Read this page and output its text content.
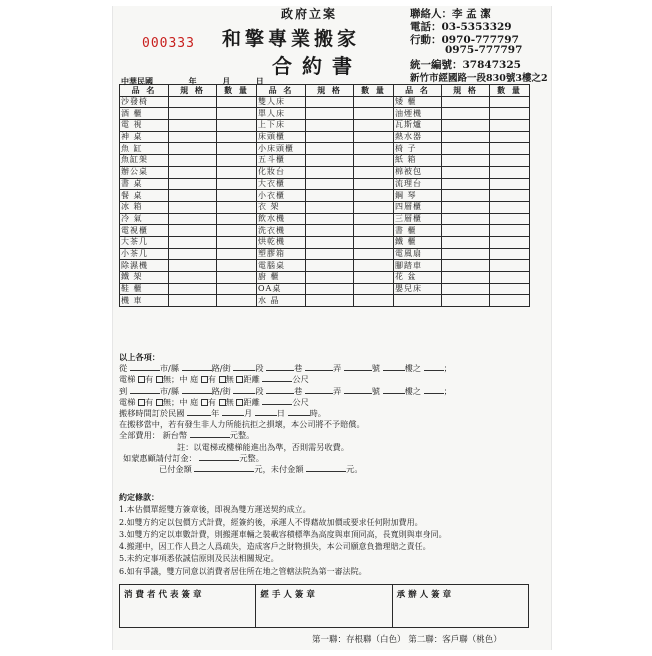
000333
政府立案
和擎專業搬家
合約書
聯絡人：李 孟 潔
電話：03-5353329
行動：0970-777797
0975-777797
統一編號：37847325
新竹市經國路一段830號3樓之2
中華民國	年	月	日
品 名	規 格	數 量	品 名	規 格	數 量	品 名	規 格	數 量
沙發椅			雙人床			矮 櫃		
酒 櫃			單人床			油煙機		
電 視			上下床			瓦斯爐		
神 桌			床頭櫃			熱水器		
魚 缸			小床頭櫃			椅 子		
魚缸架			五斗櫃			紙 箱		
辦公桌			化妝台			棉被包		
書 桌			大衣櫃			流理台		
餐 桌			小衣櫃			鋼 琴		
冰 箱			衣 架			四層櫃		
冷 氣			飲水機			三層櫃		
電視櫃			洗衣機			書 櫃		
大茶几			烘乾機			鐵 櫃		
小茶几			塑膠箱			電風扇		
除濕機			電腦桌			腳踏車		
鐵 架			廚 櫃			花 盆		
鞋 櫃			OA桌			嬰兒床		
機 車			水 晶					
以上各項：
從	市/縣	路/街	段	巷	弄	號	樓之	；
電梯 有 無；中 庭 有 無 距離	公尺
到	市/縣	路/街	段	巷	弄	號	樓之	；
電梯 有 無；中 庭 有 無 距離	公尺
搬移時間訂於民國	年	月	日	時。
在搬移當中，若有發生非人力所能抗拒之損壞，本公司將不予賠償。
全部費用： 新台幣	元整。
註：以電梯或樓梯能進出為準，否則需另收費。
如蒙惠顧請付訂金：	元整。
已付金額	元，未付金額	元。
約定條款：
1.本估價單經雙方簽章後，即視為雙方運送契約成立。
2.如雙方約定以包價方式計費，經簽約後，承運人不得藉故加價或要求任何附加費用。
3.如雙方約定以車數計費，則搬運車輛之裝載容積標準為高度與車頂同高，長寬則與車身同。
4.搬運中，因工作人員之人爲疏失，造成客戶之財物損失，本公司願意負擔理賠之責任。
5.未約定事項悉依誠信原則及民法相關規定。
6.如有爭議，雙方同意以消費者居住所在地之管轄法院為第一審法院。
消費者代表簽章	經手人簽章	承辦人簽章
第一聯：存根聯（白色） 第二聯：客戶聯（桃色）
